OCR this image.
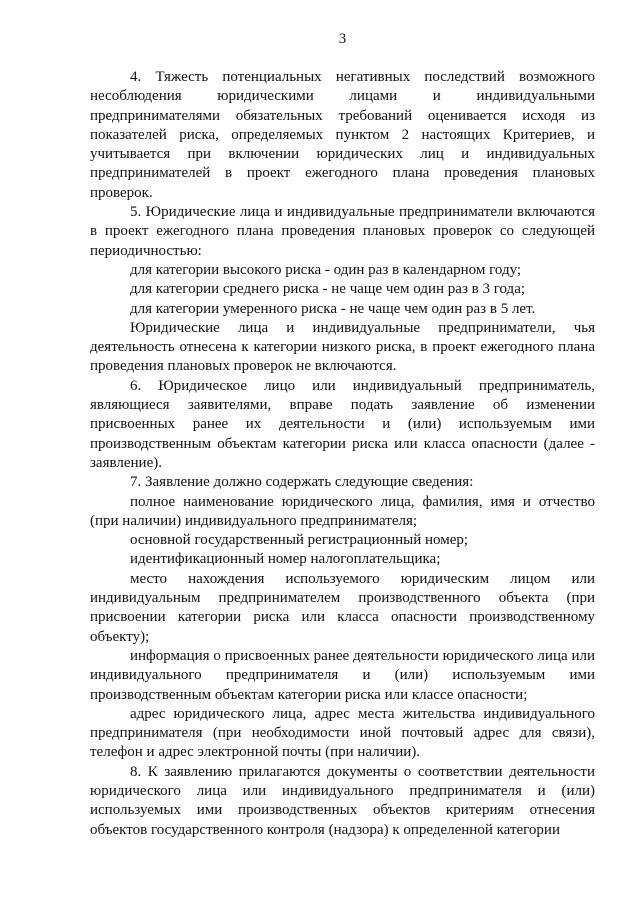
3

4. Тяжесть потенциальных негативных последствий возможного несоблюдения юридическими лицами и индивидуальными предпринимателями обязательных требований оценивается исходя из показателей риска, определяемых пунктом 2 настоящих Критериев, и учитывается при включении юридических лиц и индивидуальных предпринимателей в проект ежегодного плана проведения плановых проверок.

5. Юридические лица и индивидуальные предприниматели включаются в проект ежегодного плана проведения плановых проверок со следующей периодичностью:

для категории высокого риска - один раз в календарном году;

для категории среднего риска - не чаще чем один раз в 3 года;

для категории умеренного риска - не чаще чем один раз в 5 лет.

Юридические лица и индивидуальные предприниматели, чья деятельность отнесена к категории низкого риска, в проект ежегодного плана проведения плановых проверок не включаются.

6. Юридическое лицо или индивидуальный предприниматель, являющиеся заявителями, вправе подать заявление об изменении присвоенных ранее их деятельности и (или) используемым ими производственным объектам категории риска или класса опасности (далее - заявление).

7. Заявление должно содержать следующие сведения:

полное наименование юридического лица, фамилия, имя и отчество (при наличии) индивидуального предпринимателя;

основной государственный регистрационный номер;

идентификационный номер налогоплательщика;

место нахождения используемого юридическим лицом или индивидуальным предпринимателем производственного объекта (при присвоении категории риска или класса опасности производственному объекту);

информация о присвоенных ранее деятельности юридического лица или индивидуального предпринимателя и (или) используемым ими производственным объектам категории риска или классе опасности;

адрес юридического лица, адрес места жительства индивидуального предпринимателя (при необходимости иной почтовый адрес для связи), телефон и адрес электронной почты (при наличии).

8. К заявлению прилагаются документы о соответствии деятельности юридического лица или индивидуального предпринимателя и (или) используемых ими производственных объектов критериям отнесения объектов государственного контроля (надзора) к определенной категории
